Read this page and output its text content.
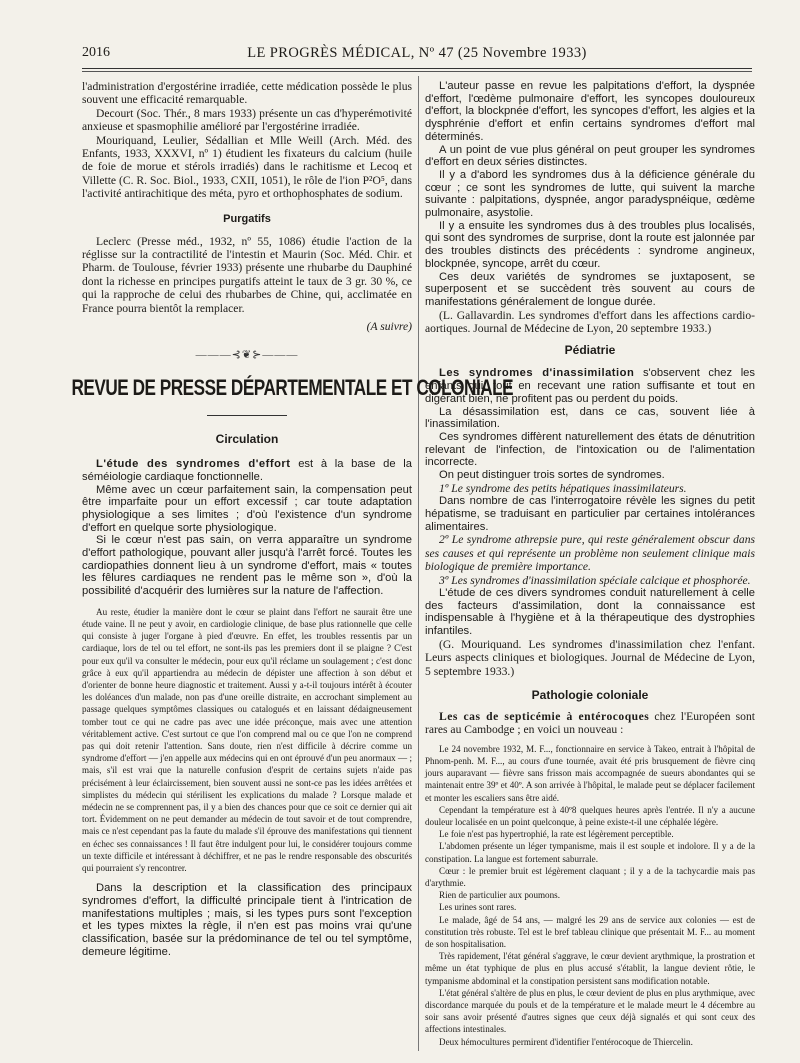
2016	LE PROGRÈS MÉDICAL, Nº 47 (25 Novembre 1933)

l'administration d'ergostérine irradiée, cette médication possède le plus souvent une efficacité remarquable.

Decourt (Soc. Thér., 8 mars 1933) présente un cas d'hyperémotivité anxieuse et spasmophilie amélioré par l'ergostérine irradiée.

Mouriquand, Leulier, Sédallian et Mlle Weill (Arch. Méd. des Enfants, 1933, XXXVI, nº 1) étudient les fixateurs du calcium (huile de foie de morue et stérols irradiés) dans le rachitisme et Lecoq et Villette (C. R. Soc. Biol., 1933, CXII, 1051), le rôle de l'ion P²O⁵, dans l'activité antirachitique des méta, pyro et orthophosphates de sodium.

Purgatifs

Leclerc (Presse méd., 1932, nº 55, 1086) étudie l'action de la réglisse sur la contractilité de l'intestin et Maurin (Soc. Méd. Chir. et Pharm. de Toulouse, février 1933) présente une rhubarbe du Dauphiné dont la richesse en principes purgatifs atteint le taux de 3 gr. 30 %, ce qui la rapproche de celui des rhubarbes de Chine, qui, acclimatée en France pourra bientôt la remplacer.

(A suivre)
———⊰❦⊱———
REVUE DE PRESSE DÉPARTEMENTALE ET COLONIALE
Circulation

L'étude des syndromes d'effort est à la base de la séméiologie cardiaque fonctionnelle.

Même avec un cœur parfaitement sain, la compensation peut être imparfaite pour un effort excessif ; car toute adaptation physiologique a ses limites ; d'où l'existence d'un syndrome d'effort en quelque sorte physiologique.

Si le cœur n'est pas sain, on verra apparaître un syndrome d'effort pathologique, pouvant aller jusqu'à l'arrêt forcé. Toutes les cardiopathies donnent lieu à un syndrome d'effort, mais « toutes les fêlures cardiaques ne rendent pas le même son », d'où la possibilité d'acquérir des lumières sur la nature de l'affection.

Au reste, étudier la manière dont le cœur se plaint dans l'effort ne saurait être une étude vaine. Il ne peut y avoir, en cardiologie clinique, de base plus rationnelle que celle qui consiste à juger l'organe à pied d'œuvre. En effet, les troubles ressentis par un cardiaque, lors de tel ou tel effort, ne sont-ils pas les premiers dont il se plaigne ? C'est pour eux qu'il va consulter le médecin, pour eux qu'il réclame un soulagement ; c'est donc grâce à eux qu'il appartiendra au médecin de dépister une affection à son début et d'orienter de bonne heure diagnostic et traitement. Aussi y a-t-il toujours intérêt à écouter les doléances d'un malade, non pas d'une oreille distraite, en accrochant simplement au passage quelques symptômes classiques ou catalogués et en laissant dédaigneusement tomber tout ce qui ne cadre pas avec une idée préconçue, mais avec une attention véritablement active. C'est surtout ce que l'on comprend mal ou ce que l'on ne comprend pas qui doit retenir l'attention. Sans doute, rien n'est difficile à décrire comme un syndrome d'effort — j'en appelle aux médecins qui en ont éprouvé d'un peu anormaux — ; mais, s'il est vrai que la naturelle confusion d'esprit de certains sujets n'aide pas précisément à leur éclaircissement, bien souvent aussi ne sont-ce pas les idées arrêtées et simplistes du médecin qui stérilisent les explications du malade ? Lorsque malade et médecin ne se comprennent pas, il y a bien des chances pour que ce soit ce dernier qui ait tort. Évidemment on ne peut demander au médecin de tout savoir et de tout comprendre, mais ce n'est cependant pas la faute du malade s'il éprouve des manifestations qui tiennent en échec ses connaissances ! Il faut être indulgent pour lui, le considérer toujours comme un texte difficile et intéressant à déchiffrer, et ne pas le rendre responsable des obscurités qui pourraient s'y rencontrer.

Dans la description et la classification des principaux syndromes d'effort, la difficulté principale tient à l'intrication de manifestations multiples ; mais, si les types purs sont l'exception et les types mixtes la règle, il n'en est pas moins vrai qu'une classification, basée sur la prédominance de tel ou tel symptôme, demeure légitime.

L'auteur passe en revue les palpitations d'effort, la dyspnée d'effort, l'œdème pulmonaire d'effort, les syncopes douloureux d'effort, la blockpnée d'effort, les syncopes d'effort, les algies et la dysphrénie d'effort et enfin certains syndromes d'effort mal déterminés.

A un point de vue plus général on peut grouper les syndromes d'effort en deux séries distinctes.

Il y a d'abord les syndromes dus à la déficience générale du cœur ; ce sont les syndromes de lutte, qui suivent la marche suivante : palpitations, dyspnée, angor paradyspnéique, œdème pulmonaire, asystolie.

Il y a ensuite les syndromes dus à des troubles plus localisés, qui sont des syndromes de surprise, dont la route est jalonnée par des troubles distincts des précédents : syndrome angineux, blockpnée, syncope, arrêt du cœur.

Ces deux variétés de syndromes se juxtaposent, se superposent et se succèdent très souvent au cours de manifestations généralement de longue durée.

(L. Gallavardin. Les syndromes d'effort dans les affections cardio-aortiques. Journal de Médecine de Lyon, 20 septembre 1933.)

Pédiatrie

Les syndromes d'inassimilation s'observent chez les enfants qui, tout en recevant une ration suffisante et tout en digérant bien, ne profitent pas ou perdent du poids.

La désassimilation est, dans ce cas, souvent liée à l'inassimilation.

Ces syndromes diffèrent naturellement des états de dénutrition relevant de l'infection, de l'intoxication ou de l'alimentation incorrecte.

On peut distinguer trois sortes de syndromes.

1º Le syndrome des petits hépatiques inassimilateurs.

Dans nombre de cas l'interrogatoire révèle les signes du petit hépatisme, se traduisant en particulier par certaines intolérances alimentaires.

2º Le syndrome athrepsie pure, qui reste généralement obscur dans ses causes et qui représente un problème non seulement clinique mais biologique de première importance.

3º Les syndromes d'inassimilation spéciale calcique et phosphorée.

L'étude de ces divers syndromes conduit naturellement à celle des facteurs d'assimilation, dont la connaissance est indispensable à l'hygiène et à la thérapeutique des dystrophies infantiles.

(G. Mouriquand. Les syndromes d'inassimilation chez l'enfant. Leurs aspects cliniques et biologiques. Journal de Médecine de Lyon, 5 septembre 1933.)

Pathologie coloniale

Les cas de septicémie à entérocoques chez l'Européen sont rares au Cambodge ; en voici un nouveau :

Le 24 novembre 1932, M. F..., fonctionnaire en service à Takeo, entrait à l'hôpital de Phnom-penh. M. F..., au cours d'une tournée, avait été pris brusquement de fièvre cinq jours auparavant — fièvre sans frisson mais accompagnée de sueurs abondantes qui se maintenait entre 39º et 40º. A son arrivée à l'hôpital, le malade peut se déplacer facilement et monter les escaliers sans être aidé.

Cependant la température est à 40º8 quelques heures après l'entrée. Il n'y a aucune douleur localisée en un point quelconque, à peine existe-t-il une céphalée légère.

Le foie n'est pas hypertrophié, la rate est légèrement perceptible.

L'abdomen présente un léger tympanisme, mais il est souple et indolore. Il y a de la constipation. La langue est fortement saburrale.

Cœur : le premier bruit est légèrement claquant ; il y a de la tachycardie mais pas d'arythmie.

Rien de particulier aux poumons.

Les urines sont rares.

Le malade, âgé de 54 ans, — malgré les 29 ans de service aux colonies — est de constitution très robuste. Tel est le bref tableau clinique que présentait M. F... au moment de son hospitalisation.

Très rapidement, l'état général s'aggrave, le cœur devient arythmique, la prostration et même un état typhique de plus en plus accusé s'établit, la langue devient rôtie, le tympanisme abdominal et la constipation persistent sans modification notable.

L'état général s'altère de plus en plus, le cœur devient de plus en plus arythmique, avec discordance marquée du pouls et de la température et le malade meurt le 4 décembre au soir sans avoir présenté d'autres signes que ceux déjà signalés et qui sont ceux des affections intestinales.

Deux hémocultures permirent d'identifier l'entérocoque de Thiercelin.
